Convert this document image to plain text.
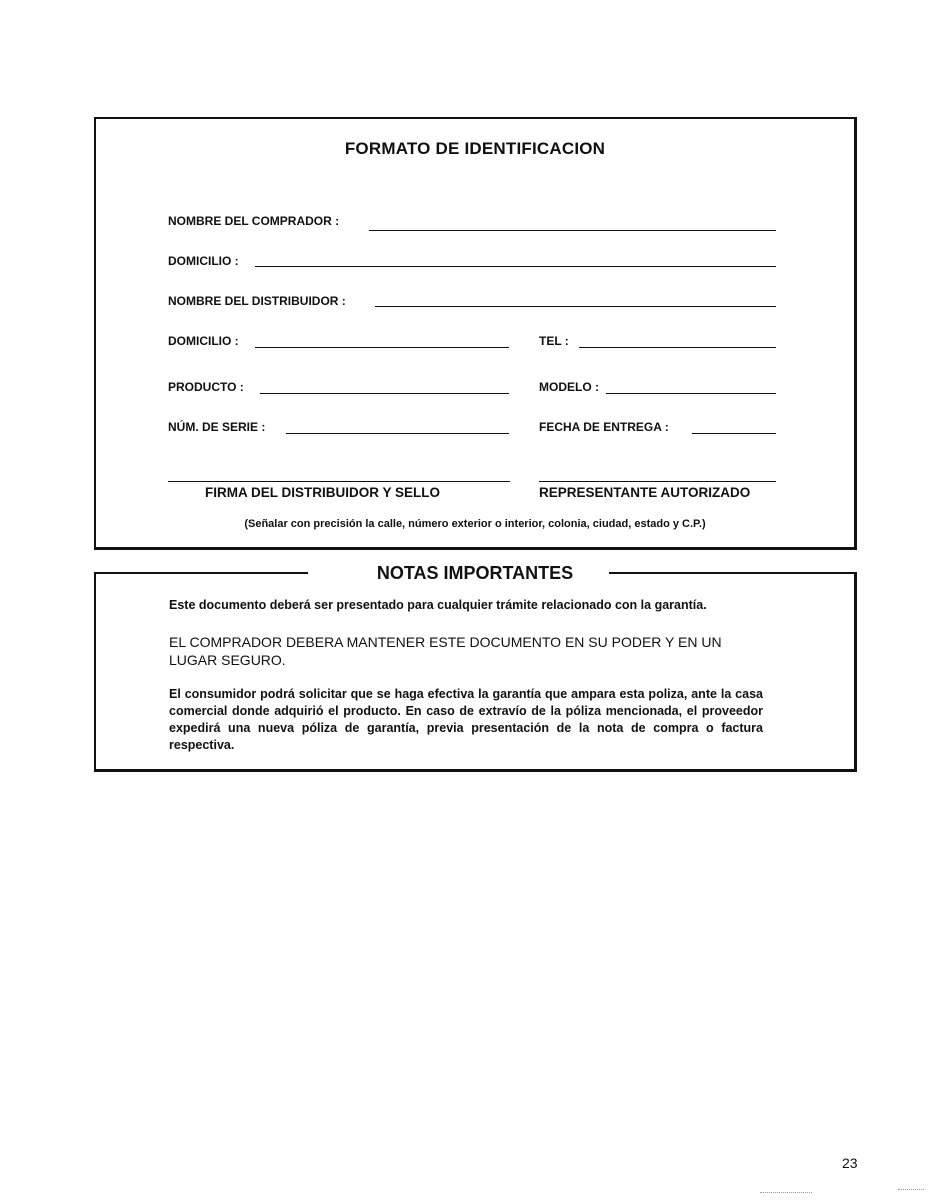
FORMATO DE IDENTIFICACION
NOMBRE DEL COMPRADOR :
DOMICILIO :
NOMBRE DEL DISTRIBUIDOR :
DOMICILIO :	TEL :
PRODUCTO :	MODELO :
NÚM. DE SERIE :	FECHA DE ENTREGA :
FIRMA DEL DISTRIBUIDOR Y SELLO	REPRESENTANTE AUTORIZADO
(Señalar con precisión la calle, número exterior o interior, colonia, ciudad, estado y C.P.)
NOTAS IMPORTANTES
Este documento deberá ser presentado para cualquier trámite relacionado con la garantía.
EL COMPRADOR DEBERA MANTENER ESTE DOCUMENTO EN SU PODER Y EN UN LUGAR SEGURO.
El consumidor podrá solicitar que se haga efectiva la garantía que ampara esta poliza, ante la casa comercial donde adquirió el producto. En caso de extravío de la póliza mencionada, el proveedor expedirá una nueva póliza de garantía, previa presentación de la nota de compra o factura respectiva.
23
